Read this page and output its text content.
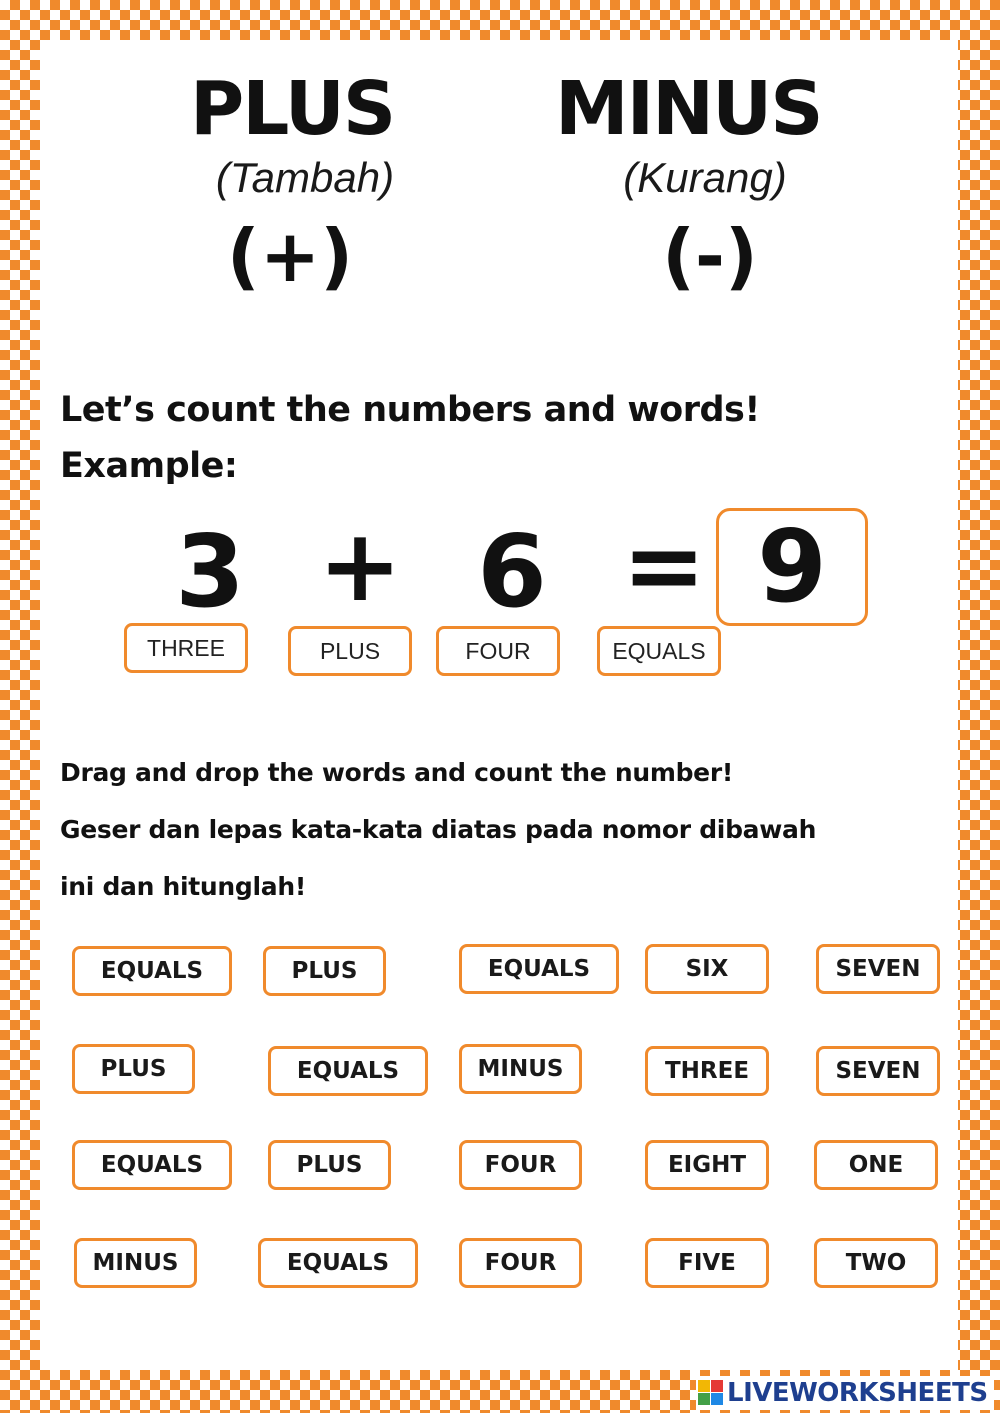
PLUS
(Tambah)
(+)
MINUS
(Kurang)
(-)
Let’s count the numbers and words!
Example:
3 + 6 = 9
THREE	PLUS	FOUR	EQUALS
Drag and drop the words and count the number!
Geser dan lepas kata-kata diatas pada nomor dibawah
ini dan hitunglah!
EQUALS	PLUS	EQUALS	SIX	SEVEN
PLUS	EQUALS	MINUS	THREE	SEVEN
EQUALS	PLUS	FOUR	EIGHT	ONE
MINUS	EQUALS	FOUR	FIVE	TWO
LIVEWORKSHEETS
